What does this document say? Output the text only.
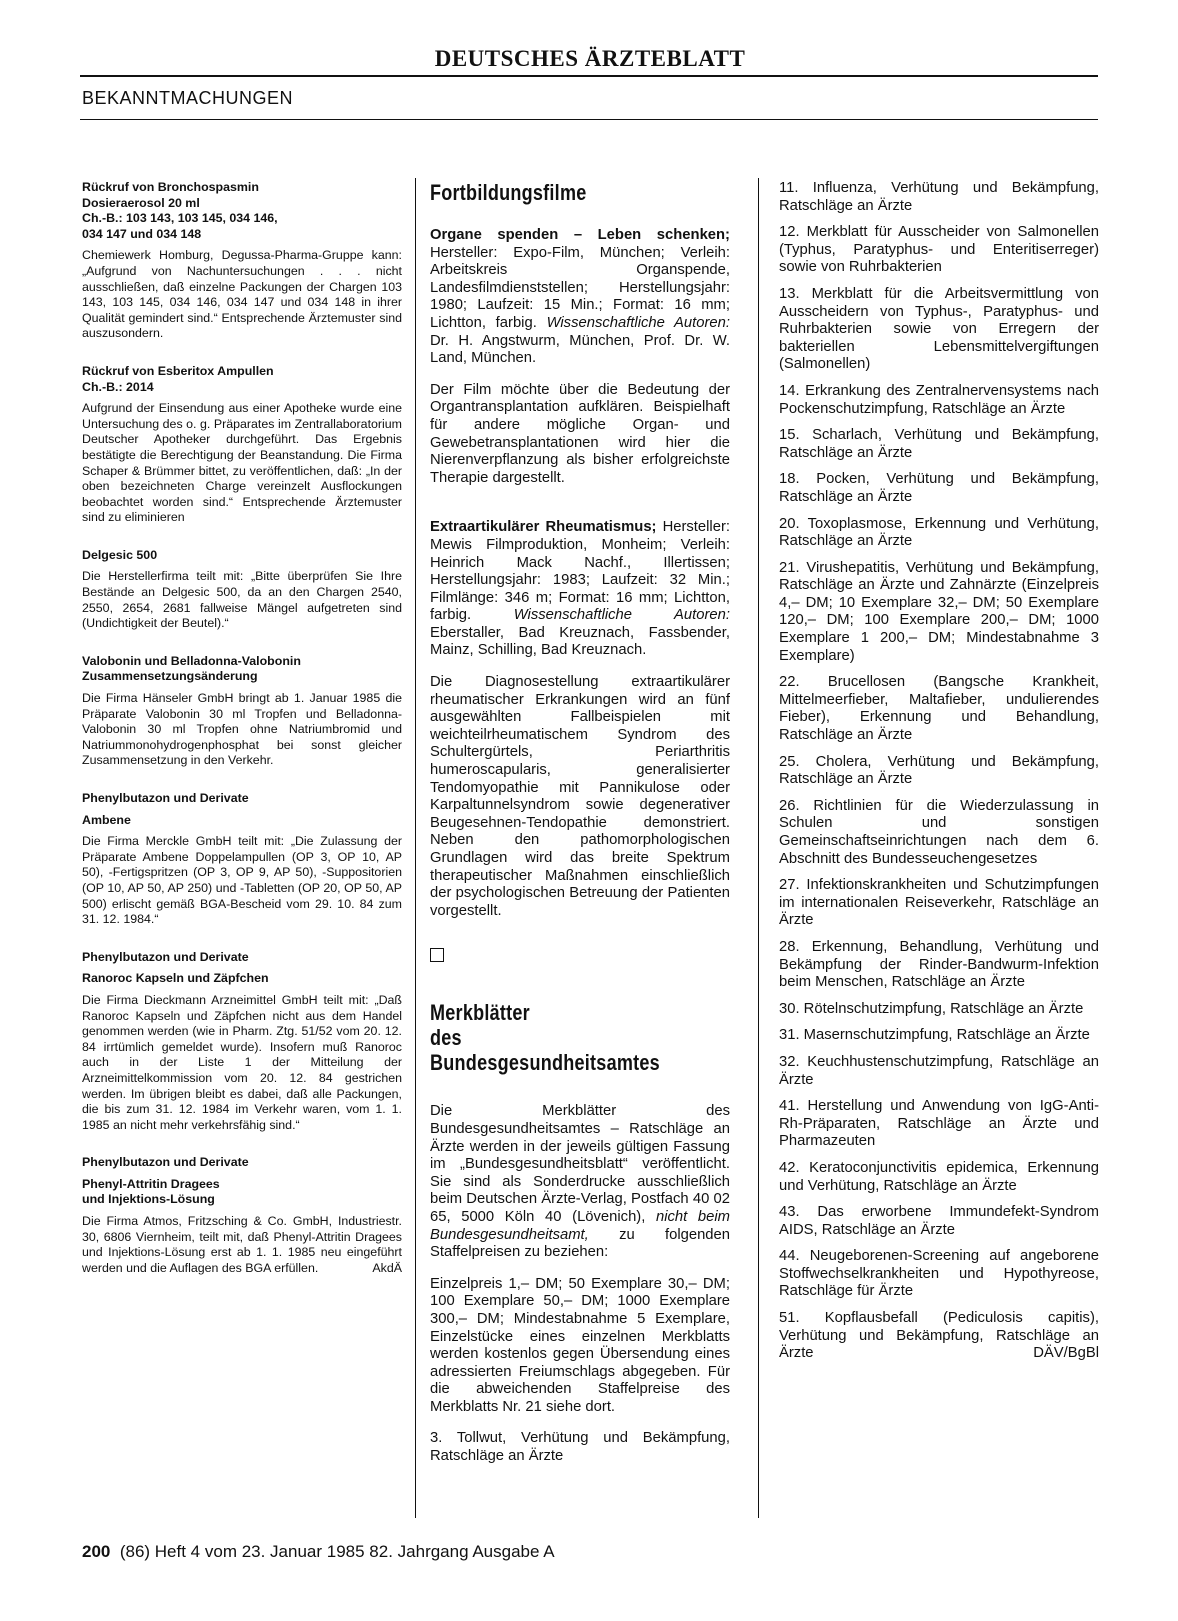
DEUTSCHES ÄRZTEBLATT
BEKANNTMACHUNGEN
Rückruf von Bronchospasmin
Dosieraerosol 20 ml
Ch.-B.: 103 143, 103 145, 034 146,
034 147 und 034 148
Chemiewerk Homburg, Degussa-Pharma-Gruppe kann: „Aufgrund von Nachuntersuchungen . . . nicht ausschließen, daß einzelne Packungen der Chargen 103 143, 103 145, 034 146, 034 147 und 034 148 in ihrer Qualität gemindert sind.“ Entsprechende Ärztemuster sind auszusondern.
Rückruf von Esberitox Ampullen
Ch.-B.: 2014
Aufgrund der Einsendung aus einer Apotheke wurde eine Untersuchung des o. g. Präparates im Zentrallaboratorium Deutscher Apotheker durchgeführt. Das Ergebnis bestätigte die Berechtigung der Beanstandung. Die Firma Schaper & Brümmer bittet, zu veröffentlichen, daß: „In der oben bezeichneten Charge vereinzelt Ausflockungen beobachtet worden sind.“ Entsprechende Ärztemuster sind zu eliminieren
Delgesic 500
Die Herstellerfirma teilt mit: „Bitte überprüfen Sie Ihre Bestände an Delgesic 500, da an den Chargen 2540, 2550, 2654, 2681 fallweise Mängel aufgetreten sind (Undichtigkeit der Beutel).“
Valobonin und Belladonna-Valobonin
Zusammensetzungsänderung
Die Firma Hänseler GmbH bringt ab 1. Januar 1985 die Präparate Valobonin 30 ml Tropfen und Belladonna-Valobonin 30 ml Tropfen ohne Natriumbromid und Natriummonohydrogenphosphat bei sonst gleicher Zusammensetzung in den Verkehr.
Phenylbutazon und Derivate
Ambene
Die Firma Merckle GmbH teilt mit: „Die Zulassung der Präparate Ambene Doppelampullen (OP 3, OP 10, AP 50), -Fertigspritzen (OP 3, OP 9, AP 50), -Suppositorien (OP 10, AP 50, AP 250) und -Tabletten (OP 20, OP 50, AP 500) erlischt gemäß BGA-Bescheid vom 29. 10. 84 zum 31. 12. 1984.“
Phenylbutazon und Derivate
Ranoroc Kapseln und Zäpfchen
Die Firma Dieckmann Arzneimittel GmbH teilt mit: „Daß Ranoroc Kapseln und Zäpfchen nicht aus dem Handel genommen werden (wie in Pharm. Ztg. 51/52 vom 20. 12. 84 irrtümlich gemeldet wurde). Insofern muß Ranoroc auch in der Liste 1 der Mitteilung der Arzneimittelkommission vom 20. 12. 84 gestrichen werden. Im übrigen bleibt es dabei, daß alle Packungen, die bis zum 31. 12. 1984 im Verkehr waren, vom 1. 1. 1985 an nicht mehr verkehrsfähig sind.“
Phenylbutazon und Derivate
Phenyl-Attritin Dragees
und Injektions-Lösung
Die Firma Atmos, Fritzsching & Co. GmbH, Industriestr. 30, 6806 Viernheim, teilt mit, daß Phenyl-Attritin Dragees und Injektions-Lösung erst ab 1. 1. 1985 neu eingeführt werden und die Auflagen des BGA erfüllen.	AkdÄ
Fortbildungsfilme
Organe spenden – Leben schenken; Hersteller: Expo-Film, München; Verleih: Arbeitskreis Organspende, Landesfilmdienststellen; Herstellungsjahr: 1980; Laufzeit: 15 Min.; Format: 16 mm; Lichtton, farbig. Wissenschaftliche Autoren: Dr. H. Angstwurm, München, Prof. Dr. W. Land, München.
Der Film möchte über die Bedeutung der Organtransplantation aufklären. Beispielhaft für andere mögliche Organ- und Gewebetransplantationen wird hier die Nierenverpflanzung als bisher erfolgreichste Therapie dargestellt.
Extraartikulärer Rheumatismus; Hersteller: Mewis Filmproduktion, Monheim; Verleih: Heinrich Mack Nachf., Illertissen; Herstellungsjahr: 1983; Laufzeit: 32 Min.; Filmlänge: 346 m; Format: 16 mm; Lichtton, farbig. Wissenschaftliche Autoren: Eberstaller, Bad Kreuznach, Fassbender, Mainz, Schilling, Bad Kreuznach.
Die Diagnosestellung extraartikulärer rheumatischer Erkrankungen wird an fünf ausgewählten Fallbeispielen mit weichteilrheumatischem Syndrom des Schultergürtels, Periarthritis humeroscapularis, generalisierter Tendomyopathie mit Pannikulose oder Karpaltunnelsyndrom sowie degenerativer Beugesehnen-Tendopathie demonstriert. Neben den pathomorphologischen Grundlagen wird das breite Spektrum therapeutischer Maßnahmen einschließlich der psychologischen Betreuung der Patienten vorgestellt.
Merkblätter
des Bundesgesundheitsamtes
Die Merkblätter des Bundesgesundheitsamtes – Ratschläge an Ärzte werden in der jeweils gültigen Fassung im „Bundesgesundheitsblatt“ veröffentlicht. Sie sind als Sonderdrucke ausschließlich beim Deutschen Ärzte-Verlag, Postfach 40 02 65, 5000 Köln 40 (Lövenich), nicht beim Bundesgesundheitsamt, zu folgenden Staffelpreisen zu beziehen:
Einzelpreis 1,– DM; 50 Exemplare 30,– DM; 100 Exemplare 50,– DM; 1000 Exemplare 300,– DM; Mindestabnahme 5 Exemplare, Einzelstücke eines einzelnen Merkblatts werden kostenlos gegen Übersendung eines adressierten Freiumschlags abgegeben. Für die abweichenden Staffelpreise des Merkblatts Nr. 21 siehe dort.
3. Tollwut, Verhütung und Bekämpfung, Ratschläge an Ärzte
11. Influenza, Verhütung und Bekämpfung, Ratschläge an Ärzte
12. Merkblatt für Ausscheider von Salmonellen (Typhus, Paratyphus- und Enteritiserreger) sowie von Ruhrbakterien
13. Merkblatt für die Arbeitsvermittlung von Ausscheidern von Typhus-, Paratyphus- und Ruhrbakterien sowie von Erregern der bakteriellen Lebensmittelvergiftungen (Salmonellen)
14. Erkrankung des Zentralnervensystems nach Pockenschutzimpfung, Ratschläge an Ärzte
15. Scharlach, Verhütung und Bekämpfung, Ratschläge an Ärzte
18. Pocken, Verhütung und Bekämpfung, Ratschläge an Ärzte
20. Toxoplasmose, Erkennung und Verhütung, Ratschläge an Ärzte
21. Virushepatitis, Verhütung und Bekämpfung, Ratschläge an Ärzte und Zahnärzte (Einzelpreis 4,– DM; 10 Exemplare 32,– DM; 50 Exemplare 120,– DM; 100 Exemplare 200,– DM; 1000 Exemplare 1 200,– DM; Mindestabnahme 3 Exemplare)
22. Brucellosen (Bangsche Krankheit, Mittelmeerfieber, Maltafieber, undulierendes Fieber), Erkennung und Behandlung, Ratschläge an Ärzte
25. Cholera, Verhütung und Bekämpfung, Ratschläge an Ärzte
26. Richtlinien für die Wiederzulassung in Schulen und sonstigen Gemeinschaftseinrichtungen nach dem 6. Abschnitt des Bundesseuchengesetzes
27. Infektionskrankheiten und Schutzimpfungen im internationalen Reiseverkehr, Ratschläge an Ärzte
28. Erkennung, Behandlung, Verhütung und Bekämpfung der Rinder-Bandwurm-Infektion beim Menschen, Ratschläge an Ärzte
30. Rötelnschutzimpfung, Ratschläge an Ärzte
31. Masernschutzimpfung, Ratschläge an Ärzte
32. Keuchhustenschutzimpfung, Ratschläge an Ärzte
41. Herstellung und Anwendung von IgG-Anti-Rh-Präparaten, Ratschläge an Ärzte und Pharmazeuten
42. Keratoconjunctivitis epidemica, Erkennung und Verhütung, Ratschläge an Ärzte
43. Das erworbene Immundefekt-Syndrom AIDS, Ratschläge an Ärzte
44. Neugeborenen-Screening auf angeborene Stoffwechselkrankheiten und Hypothyreose, Ratschläge für Ärzte
51. Kopflausbefall (Pediculosis capitis), Verhütung und Bekämpfung, Ratschläge an Ärzte	DÄV/BgBl
200 (86) Heft 4 vom 23. Januar 1985 82. Jahrgang Ausgabe A
